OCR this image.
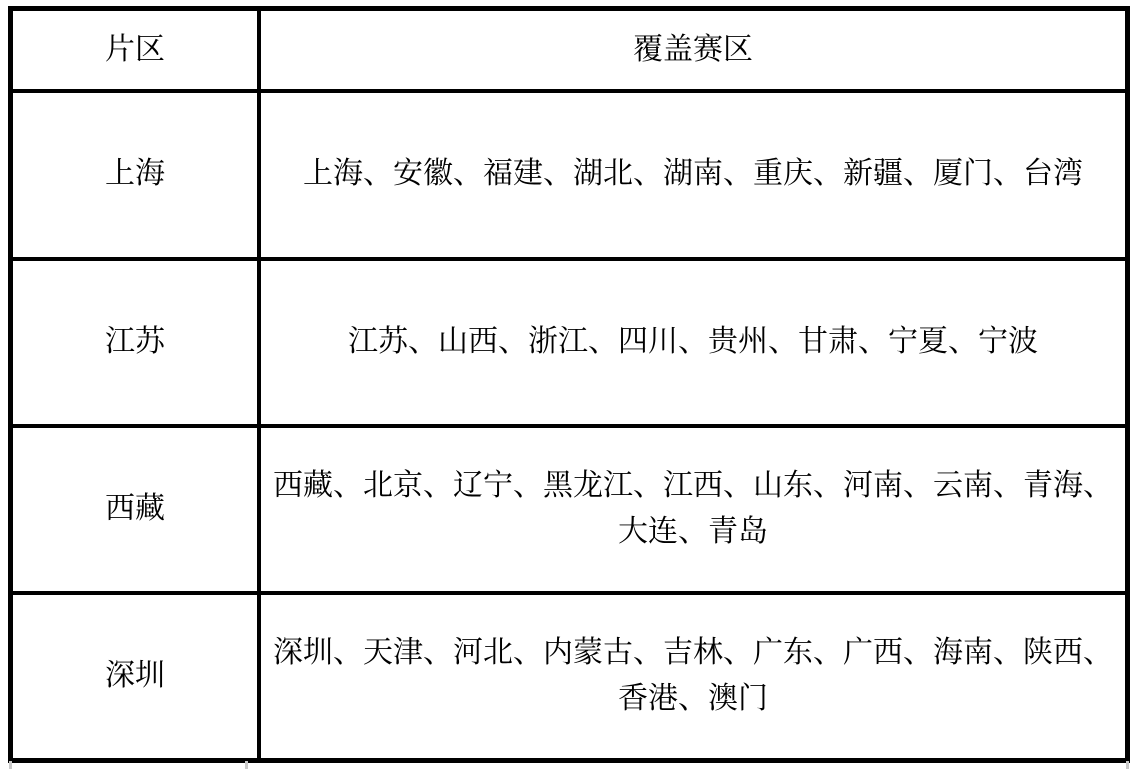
片区	覆盖赛区
上海	上海、安徽、福建、湖北、湖南、重庆、新疆、厦门、台湾
江苏	江苏、山西、浙江、四川、贵州、甘肃、宁夏、宁波
西藏	西藏、北京、辽宁、黑龙江、江西、山东、河南、云南、青海、大连、青岛
深圳	深圳、天津、河北、内蒙古、吉林、广东、广西、海南、陕西、香港、澳门
